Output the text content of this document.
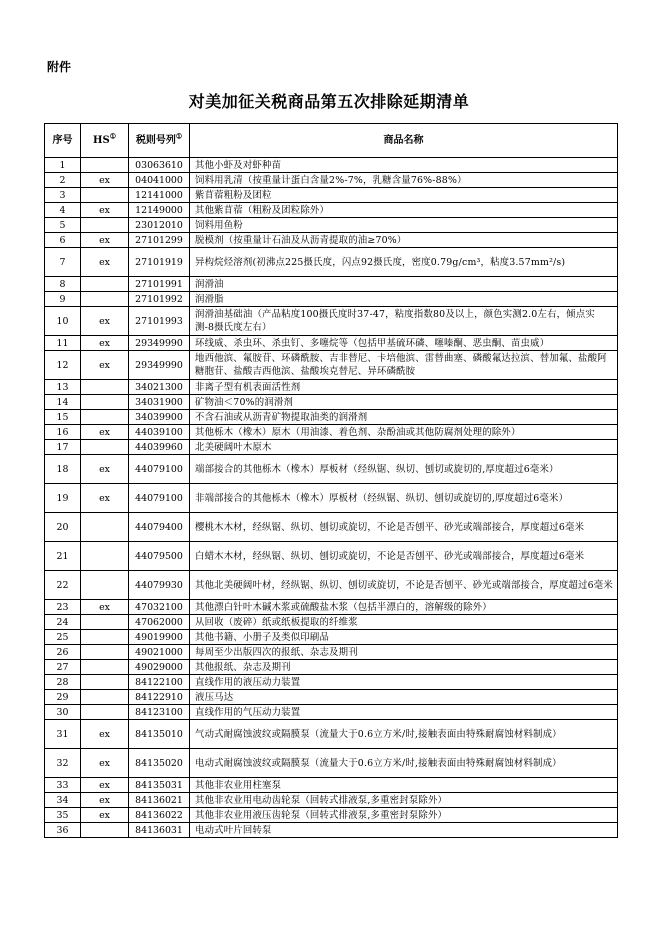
附件
对美加征关税商品第五次排除延期清单
序号	HS①	税则号列①	商品名称
1		03063610	其他小虾及对虾种苗
2	ex	04041000	饲料用乳清（按重量计蛋白含量2%-7%，乳糖含量76%-88%）
3		12141000	紫苜蓿粗粉及团粒
4	ex	12149000	其他紫苜蓿（粗粉及团粒除外）
5		23012010	饲料用鱼粉
6	ex	27101299	脱模剂（按重量计石油及从沥青提取的油≥70%）
7	ex	27101919	异构烷烃溶剂(初沸点225摄氏度，闪点92摄氏度，密度0.79g/cm³，粘度3.57mm²/s)
8		27101991	润滑油
9		27101992	润滑脂
10	ex	27101993	润滑油基础油（产品粘度100摄氏度时37-47，粘度指数80及以上，颜色实测2.0左右，倾点实测-8摄氏度左右）
11	ex	29349990	环线威、杀虫环、杀虫钉、多噻烷等（包括甲基硫环磷、噻嗪酮、恶虫酮、苗虫威）
12	ex	29349990	地西他滨、氟胺苷、环磷酰胺、吉非替尼、卡培他滨、雷替曲塞、磷酸氟达拉滨、替加氟、盐酸阿糖胞苷、盐酸吉西他滨、盐酸埃克替尼、异环磷酰胺
13		34021300	非离子型有机表面活性剂
14		34031900	矿物油＜70%的润滑剂
15		34039900	不含石油或从沥青矿物提取油类的润滑剂
16	ex	44039100	其他栎木（橡木）原木（用油漆、着色剂、杂酚油或其他防腐剂处理的除外）
17		44039960	北美硬阔叶木原木
18	ex	44079100	端部接合的其他栎木（橡木）厚板材（经纵锯、纵切、刨切或旋切的,厚度超过6毫米）
19	ex	44079100	非端部接合的其他栎木（橡木）厚板材（经纵锯、纵切、刨切或旋切的,厚度超过6毫米）
20		44079400	樱桃木木材，经纵锯、纵切、刨切或旋切，不论是否刨平、砂光或端部接合，厚度超过6毫米
21		44079500	白蜡木木材，经纵锯、纵切、刨切或旋切，不论是否刨平、砂光或端部接合，厚度超过6毫米
22		44079930	其他北美硬阔叶材，经纵锯、纵切、刨切或旋切，不论是否刨平、砂光或端部接合，厚度超过6毫米
23	ex	47032100	其他漂白针叶木碱木浆或硫酸盐木浆（包括半漂白的，溶解级的除外）
24		47062000	从回收（废碎）纸或纸板提取的纤维浆
25		49019900	其他书籍、小册子及类似印刷品
26		49021000	每周至少出版四次的报纸、杂志及期刊
27		49029000	其他报纸、杂志及期刊
28		84122100	直线作用的液压动力装置
29		84122910	液压马达
30		84123100	直线作用的气压动力装置
31	ex	84135010	气动式耐腐蚀波纹或隔膜泵（流量大于0.6立方米/时,接触表面由特殊耐腐蚀材料制成）
32	ex	84135020	电动式耐腐蚀波纹或隔膜泵（流量大于0.6立方米/时,接触表面由特殊耐腐蚀材料制成）
33	ex	84135031	其他非农业用柱塞泵
34	ex	84136021	其他非农业用电动齿轮泵（回转式排液泵,多重密封泵除外）
35	ex	84136022	其他非农业用液压齿轮泵（回转式排液泵,多重密封泵除外）
36		84136031	电动式叶片回转泵
